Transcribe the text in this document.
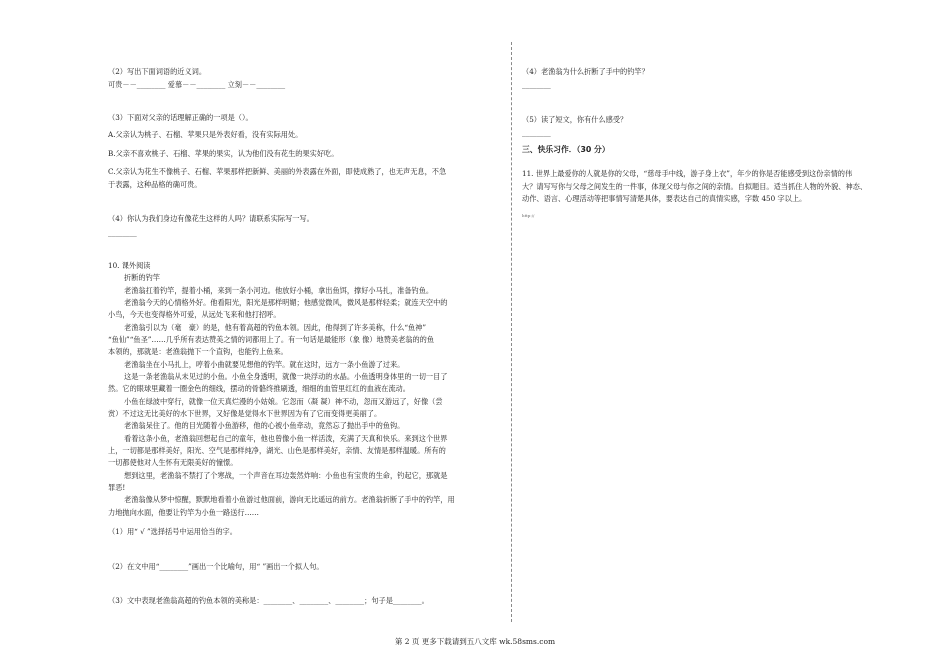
（2）写出下面词语的近义词。
可贵－－________ 爱慕－－________ 立刻－－________
（3）下面对父亲的话理解正确的一项是（）。
A.父亲认为桃子、石榴、苹果只是外表好看，没有实际用处。
B.父亲不喜欢桃子、石榴、苹果的果实，认为他们没有花生的果实好吃。
C.父亲认为花生不像桃子、石榴、苹果那样把新鲜、美丽的外表露在外面，即使成熟了，也无声无息，不急
于表露，这种品格的确可贵。
（4）你认为我们身边有像花生这样的人吗？请联系实际写一写。
________
10. 课外阅读
折断的钓竿
老渔翁扛着钓竿，提着小桶，来到一条小河边。他放好小桶，拿出鱼饵，撑好小马扎，准备钓鱼。
老渔翁今天的心情格外好。他看阳光，阳光是那样明媚；他感觉微风，微风是那样轻柔；就连天空中的
小鸟，今天也变得格外可爱，从远处飞来和他打招呼。
老渔翁引以为（毫　豪）的是，他有着高超的钓鱼本领。因此，他得到了许多美称，什么“鱼神”
“鱼仙”“鱼圣”……几乎所有表达赞美之情的词都用上了。有一句话是最能形（象 像）地赞美老翁的的鱼
本领的，那就是：老渔翁抛下一个直钩，也能钓上鱼来。
老渔翁坐在小马扎上，哼着小曲就要见想他的钓竿。就在这时，远方一条小鱼游了过来。
这是一条老渔翁从未见过的小鱼。小鱼全身透明，就像一块浮动的水晶。小鱼透明身体里的一切一目了
然。它的眼球里藏着一圈金色的细线，摆动的骨骼终推刷透，细细的血管里红红的血液在流动。
小鱼在绿波中穿行，就像一位天真烂漫的小姑娘。它忽而（凝 凝）神不动，忽而又游远了，好像（尝
赏）不过这无比美好的水下世界，又好像是觉得水下世界因为有了它而变得更美丽了。
老渔翁呆住了。他的目光随着小鱼游移，他的心被小鱼牵动，竟然忘了抛出手中的鱼钩。
看着这条小鱼，老渔翁回想起自己的童年，他也曾像小鱼一样活泼，充满了天真和快乐。来到这个世界
上，一切都是那样美好，阳光、空气是那样纯净，湖光、山色是那样美好，亲情、友情是那样温暖。所有的
一切都使他对人生怀有无限美好的憧憬。
想到这里，老渔翁不禁打了个寒战，一个声音在耳边轰然炸响：小鱼也有宝贵的生命，钓起它，那就是
罪恶!
老渔翁像从梦中惊醒，默默地看着小鱼游过他面前，游向无比遥远的前方。老渔翁折断了手中的钓竿，用
力地抛向水面，他要让钓竿为小鱼一路送行……
（1）用“ √ ”选择括号中运用恰当的字。
（2）在文中用“________”画出一个比喻句，用“ ”画出一个拟人句。
（3）文中表现老渔翁高超的钓鱼本领的美称是：________、________、________；句子是________。
（4）老渔翁为什么折断了手中的钓竿？
________
（5）读了短文，你有什么感受？
________
三、快乐习作．（30 分）
11. 世界上最爱你的人就是你的父母，“慈母手中线，游子身上衣”，年少的你是否能感受到这份亲情的伟
大？请写写你与父母之间发生的一件事，体现父母与你之间的亲情。自拟题目。适当抓住人物的外貌、神态、
动作、语言、心理活动等把事情写清楚具体，要表达自己的真情实感，字数 450 字以上。
http://
第 2 页 更多下载请到五八文库 wk.58sms.com
